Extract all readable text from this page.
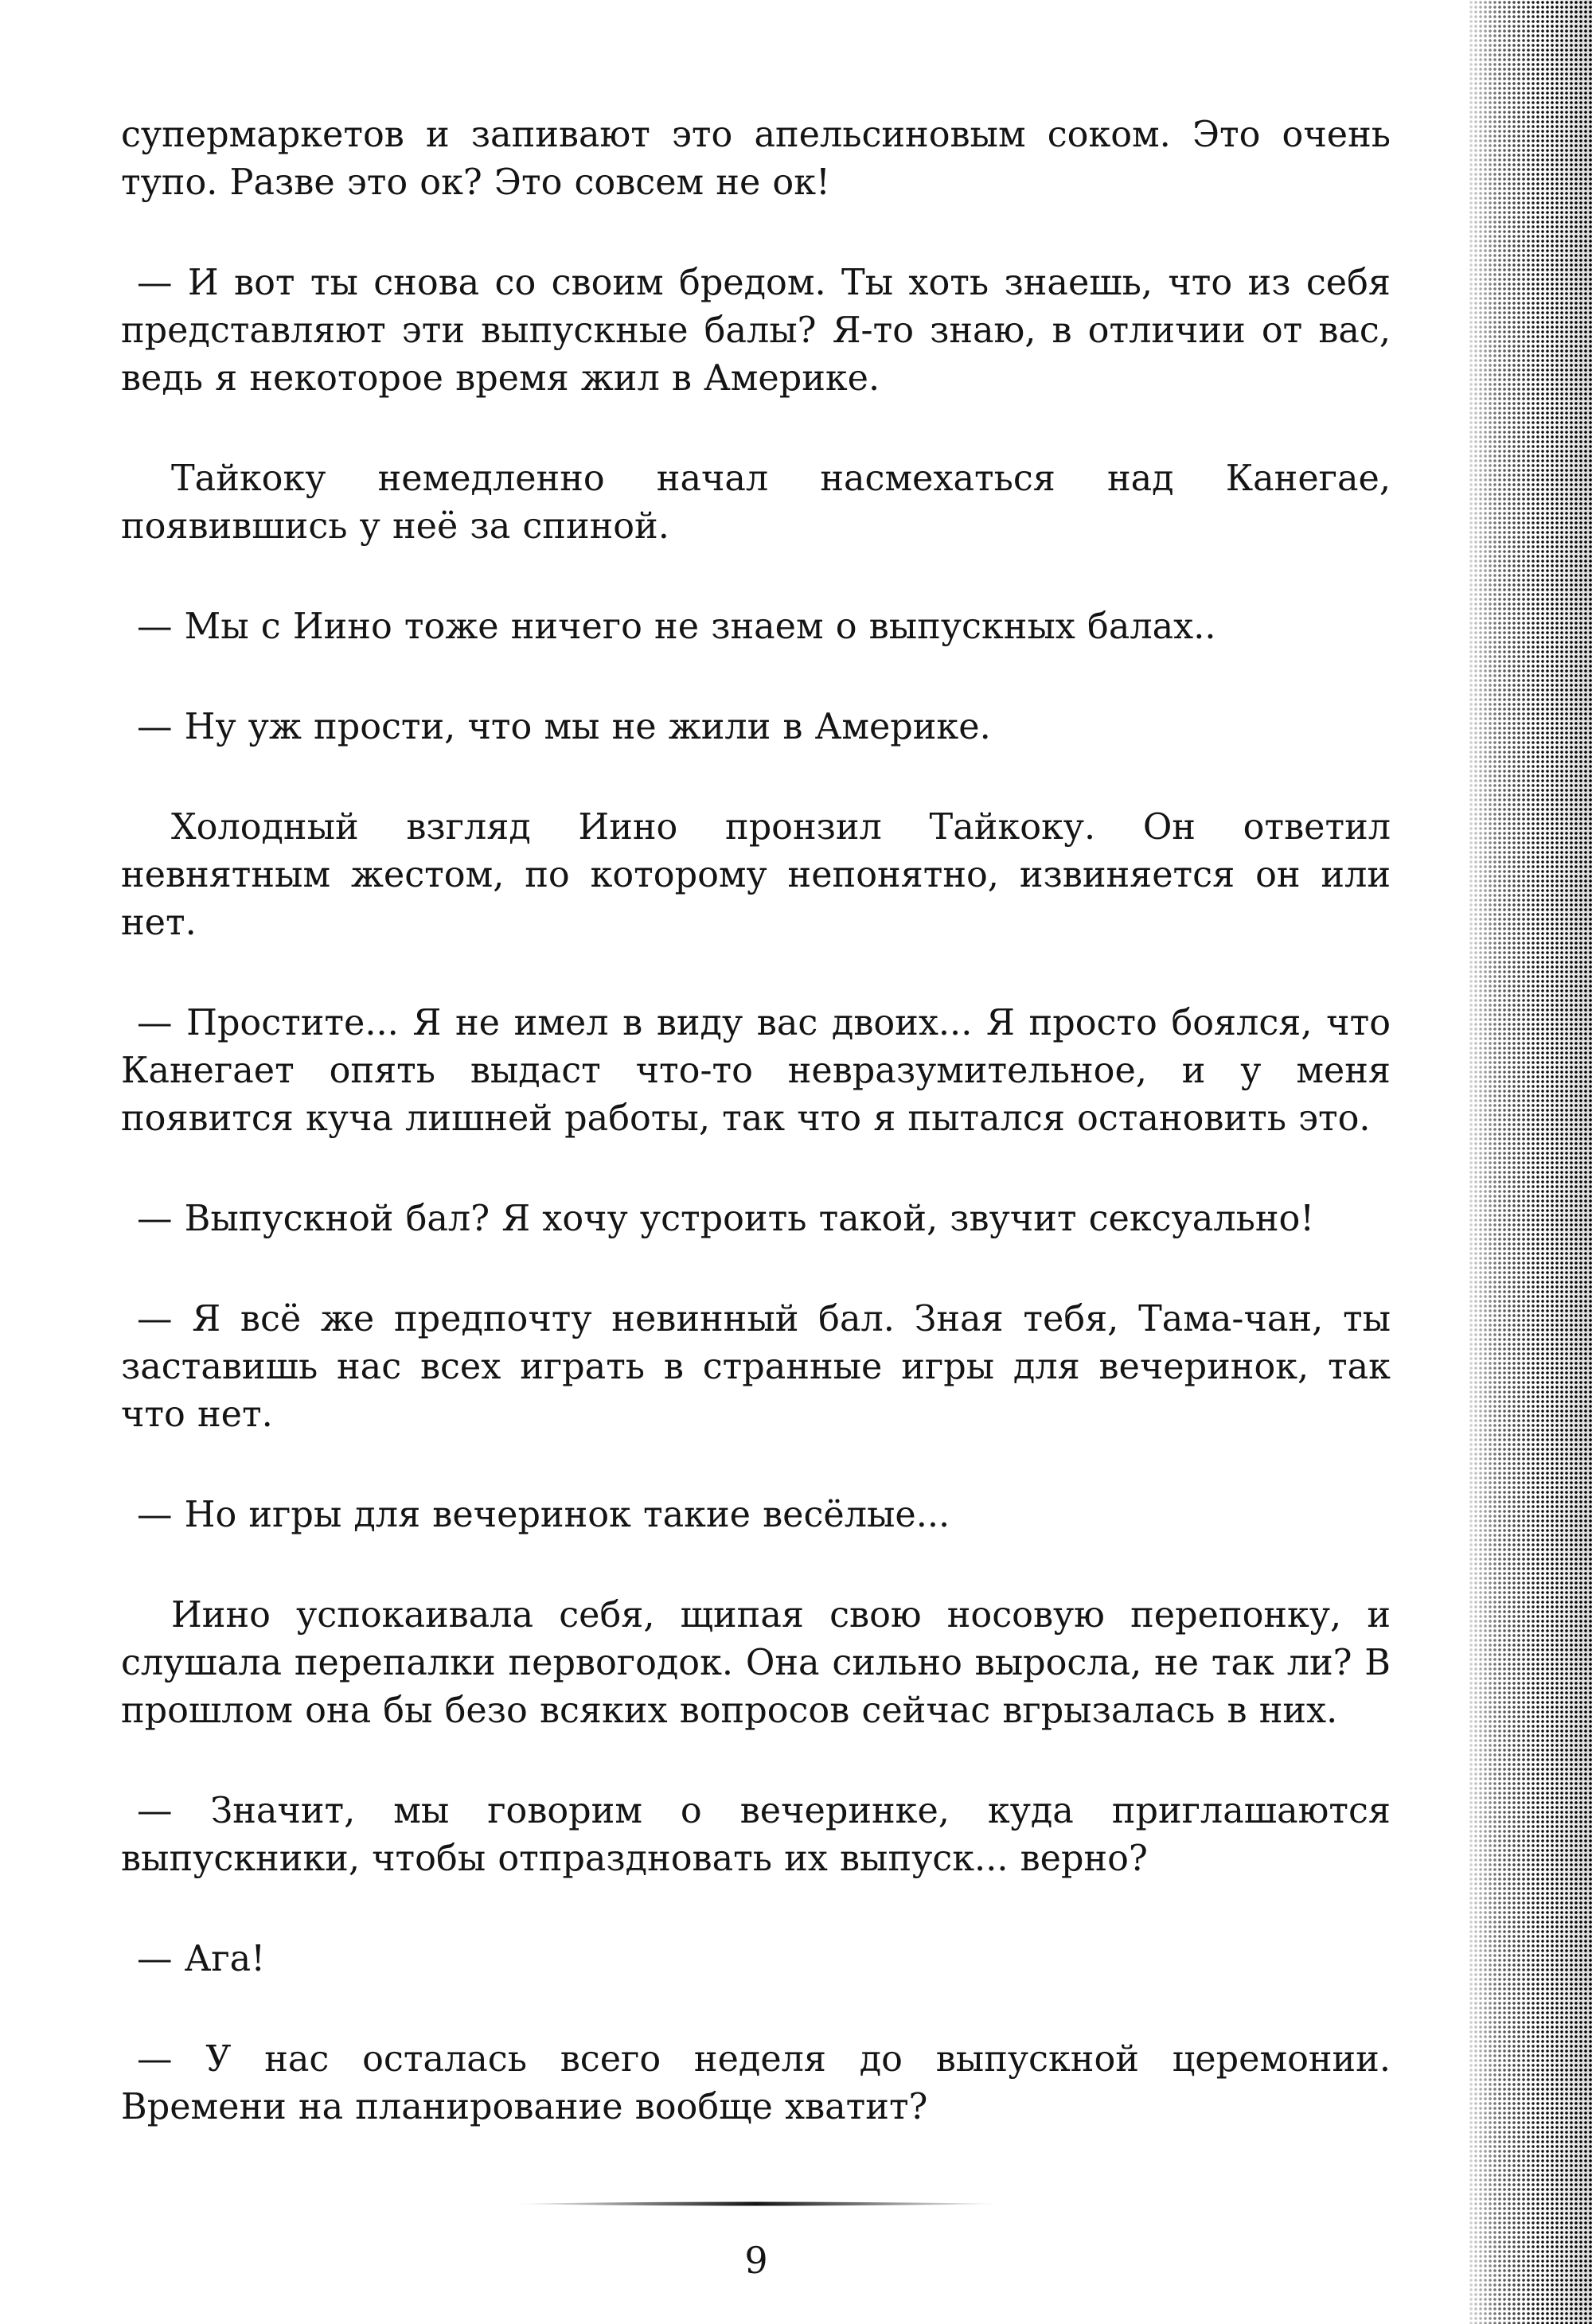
супермаркетов и запивают это апельсиновым соком. Это очень тупо. Разве это ок? Это совсем не ок!

— И вот ты снова со своим бредом. Ты хоть знаешь, что из себя представляют эти выпускные балы? Я-то знаю, в отличии от вас, ведь я некоторое время жил в Америке.

Тайкоку немедленно начал насмехаться над Канегае, появившись у неё за спиной.

— Мы с Иино тоже ничего не знаем о выпускных балах..

— Ну уж прости, что мы не жили в Америке.

Холодный взгляд Иино пронзил Тайкоку. Он ответил невнятным жестом, по которому непонятно, извиняется он или нет.

— Простите... Я не имел в виду вас двоих... Я просто боялся, что Канегает опять выдаст что-то невразумительное, и у меня появится куча лишней работы, так что я пытался остановить это.

— Выпускной бал? Я хочу устроить такой, звучит сексуально!

— Я всё же предпочту невинный бал. Зная тебя, Тама-чан, ты заставишь нас всех играть в странные игры для вечеринок, так что нет.

— Но игры для вечеринок такие весёлые...

Иино успокаивала себя, щипая свою носовую перепонку, и слушала перепалки первогодок. Она сильно выросла, не так ли? В прошлом она бы безо всяких вопросов сейчас вгрызалась в них.

— Значит, мы говорим о вечеринке, куда приглашаются выпускники, чтобы отпраздновать их выпуск... верно?

— Ага!

— У нас осталась всего неделя до выпускной церемонии. Времени на планирование вообще хватит?

9
